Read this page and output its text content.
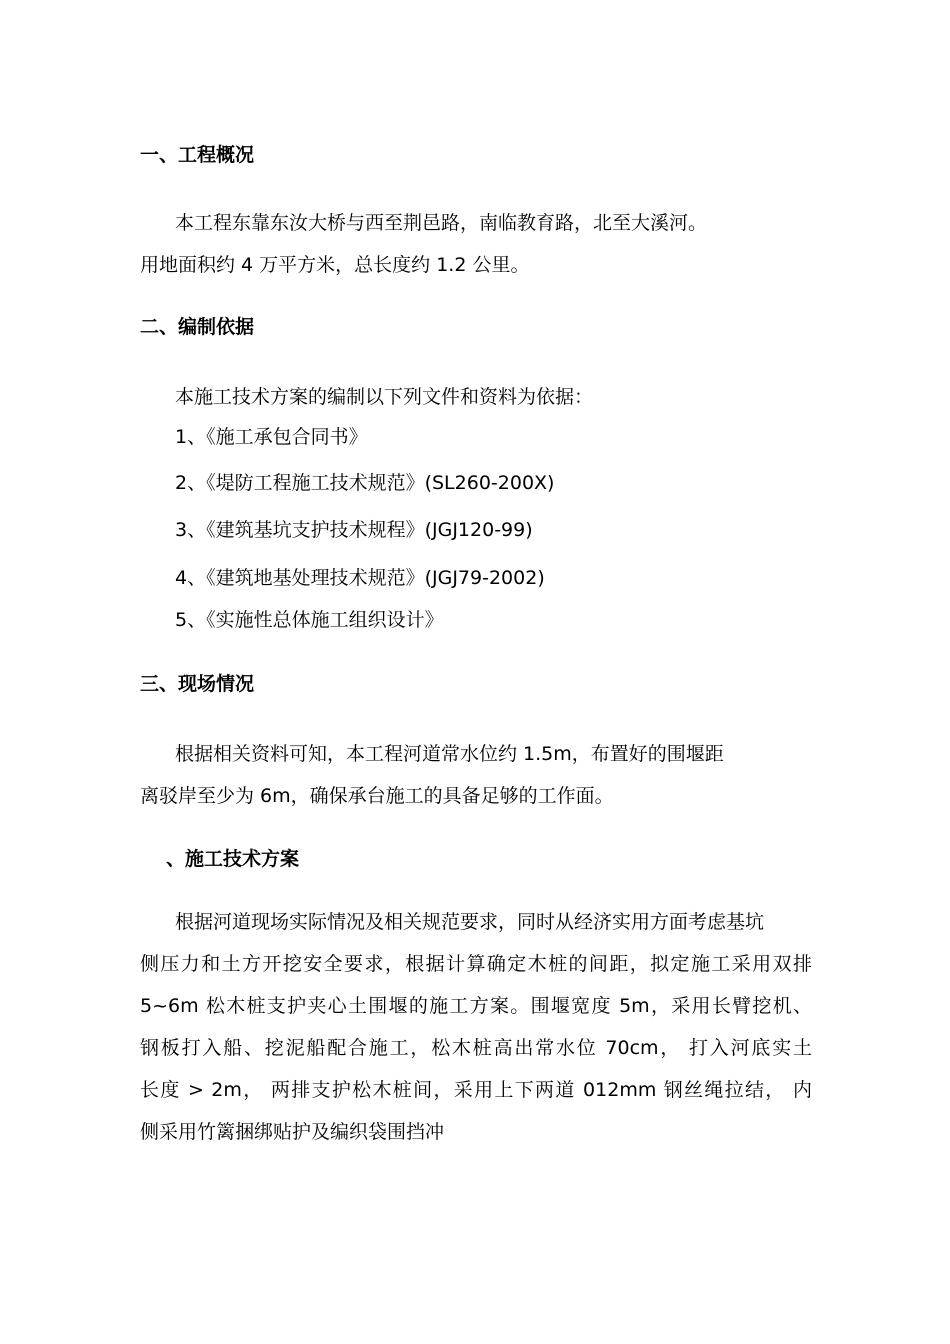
一、工程概况
本工程东靠东汝大桥与西至荆邑路，南临教育路，北至大溪河。
用地面积约 4 万平方米，总长度约 1.2 公里。
二、编制依据
本施工技术方案的编制以下列文件和资料为依据：
1、《施工承包合同书》
2、《堤防工程施工技术规范》(SL260-200X)
3、《建筑基坑支护技术规程》(JGJ120-99)
4、《建筑地基处理技术规范》(JGJ79-2002)
5、《实施性总体施工组织设计》
三、现场情况
根据相关资料可知，本工程河道常水位约 1.5m，布置好的围堰距
离驳岸至少为 6m，确保承台施工的具备足够的工作面。
、施工技术方案
根据河道现场实际情况及相关规范要求，同时从经济实用方面考虑基坑
侧压力和土方开挖安全要求，根据计算确定木桩的间距，拟定施工采用双排
5~6m 松木桩支护夹心土围堰的施工方案。围堰宽度 5m，采用长臂挖机、
钢板打入船、挖泥船配合施工，松木桩高出常水位 70cm， 打入河底实土
长度 > 2m， 两排支护松木桩间，采用上下两道 012mm 钢丝绳拉结， 内
侧采用竹篱捆绑贴护及编织袋围挡冲
